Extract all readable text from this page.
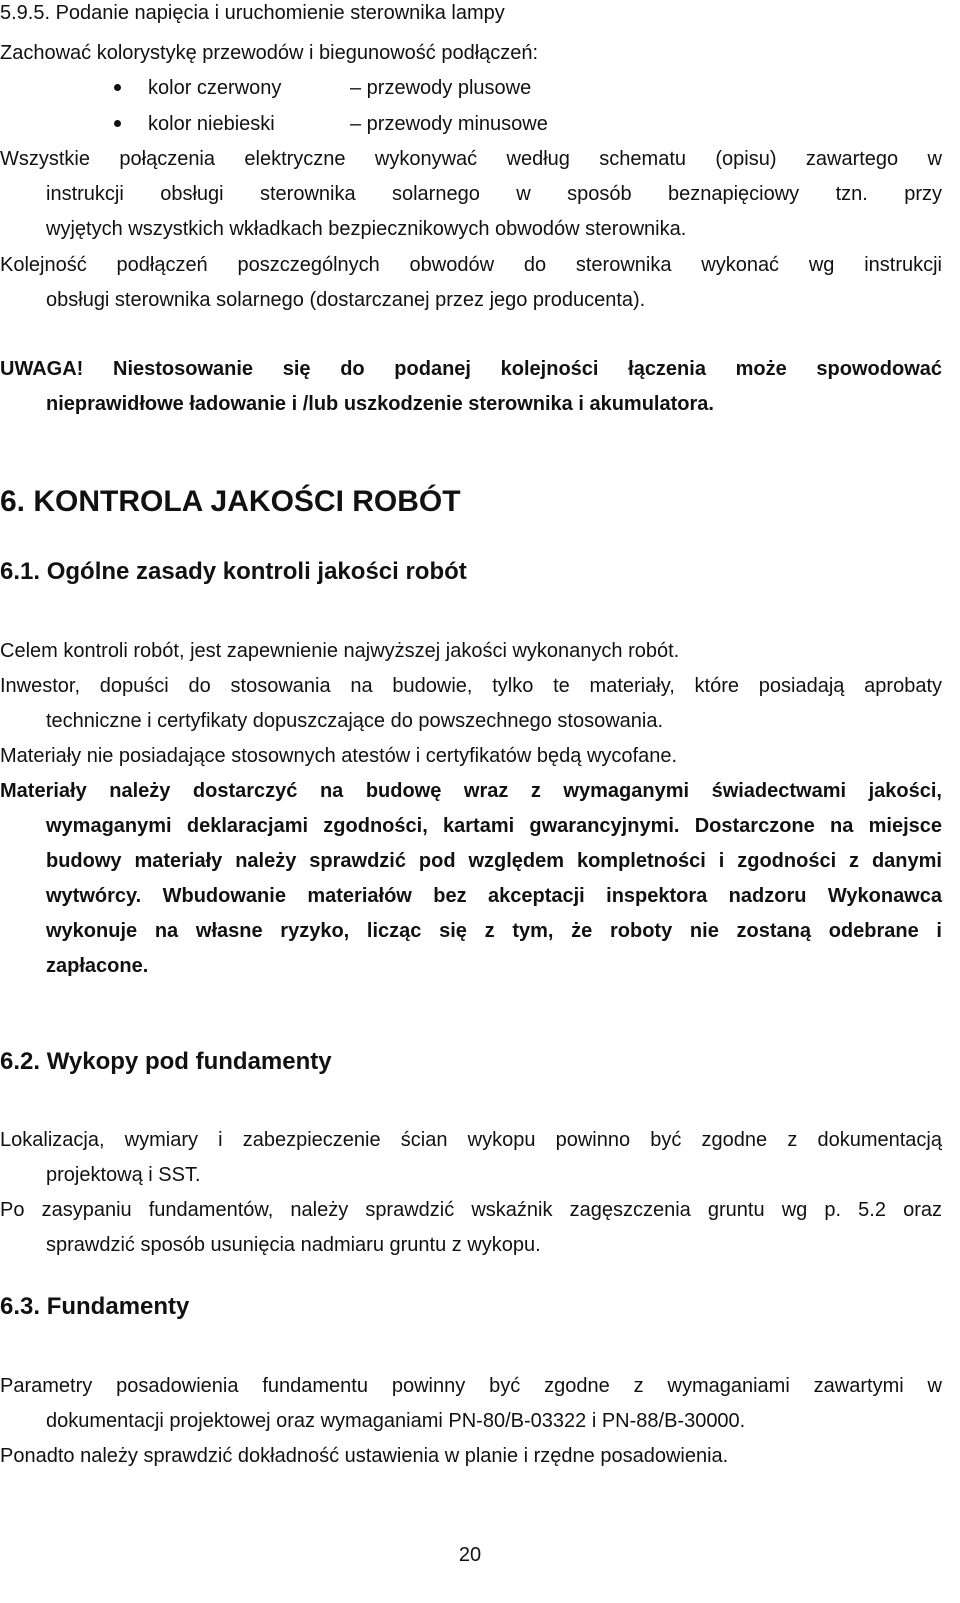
5.9.5. Podanie napięcia i uruchomienie sterownika lampy
Zachować kolorystykę przewodów i biegunowość podłączeń:
kolor czerwony	– przewody plusowe
kolor niebieski	– przewody minusowe
Wszystkie połączenia elektryczne wykonywać według schematu (opisu) zawartego w
instrukcji obsługi sterownika solarnego w sposób beznapięciowy tzn. przy
wyjętych wszystkich wkładkach bezpiecznikowych obwodów sterownika.
Kolejność podłączeń poszczególnych obwodów do sterownika wykonać wg instrukcji
obsługi sterownika solarnego (dostarczanej przez jego producenta).
UWAGA! Niestosowanie się do podanej kolejności łączenia może spowodować
nieprawidłowe ładowanie i /lub uszkodzenie sterownika i akumulatora.
6. KONTROLA JAKOŚCI ROBÓT
6.1. Ogólne zasady kontroli jakości robót
Celem kontroli robót, jest zapewnienie najwyższej jakości wykonanych robót.
Inwestor, dopuści do stosowania na budowie, tylko te materiały, które posiadają aprobaty
techniczne i certyfikaty dopuszczające do powszechnego stosowania.
Materiały nie posiadające stosownych atestów i certyfikatów będą wycofane.
Materiały należy dostarczyć na budowę wraz z wymaganymi świadectwami jakości,
wymaganymi deklaracjami zgodności, kartami gwarancyjnymi. Dostarczone na miejsce
budowy materiały należy sprawdzić pod względem kompletności i zgodności z danymi
wytwórcy. Wbudowanie materiałów bez akceptacji inspektora nadzoru Wykonawca
wykonuje na własne ryzyko, licząc się z tym, że roboty nie zostaną odebrane i
zapłacone.
6.2. Wykopy pod fundamenty
Lokalizacja, wymiary i zabezpieczenie ścian wykopu powinno być zgodne z dokumentacją
projektową i SST.
Po zasypaniu fundamentów, należy sprawdzić wskaźnik zagęszczenia gruntu wg p. 5.2 oraz
sprawdzić sposób usunięcia nadmiaru gruntu z wykopu.
6.3. Fundamenty
Parametry posadowienia fundamentu powinny być zgodne z wymaganiami zawartymi w
dokumentacji projektowej oraz wymaganiami PN-80/B-03322 i PN-88/B-30000.
Ponadto należy sprawdzić dokładność ustawienia w planie i rzędne posadowienia.
20
